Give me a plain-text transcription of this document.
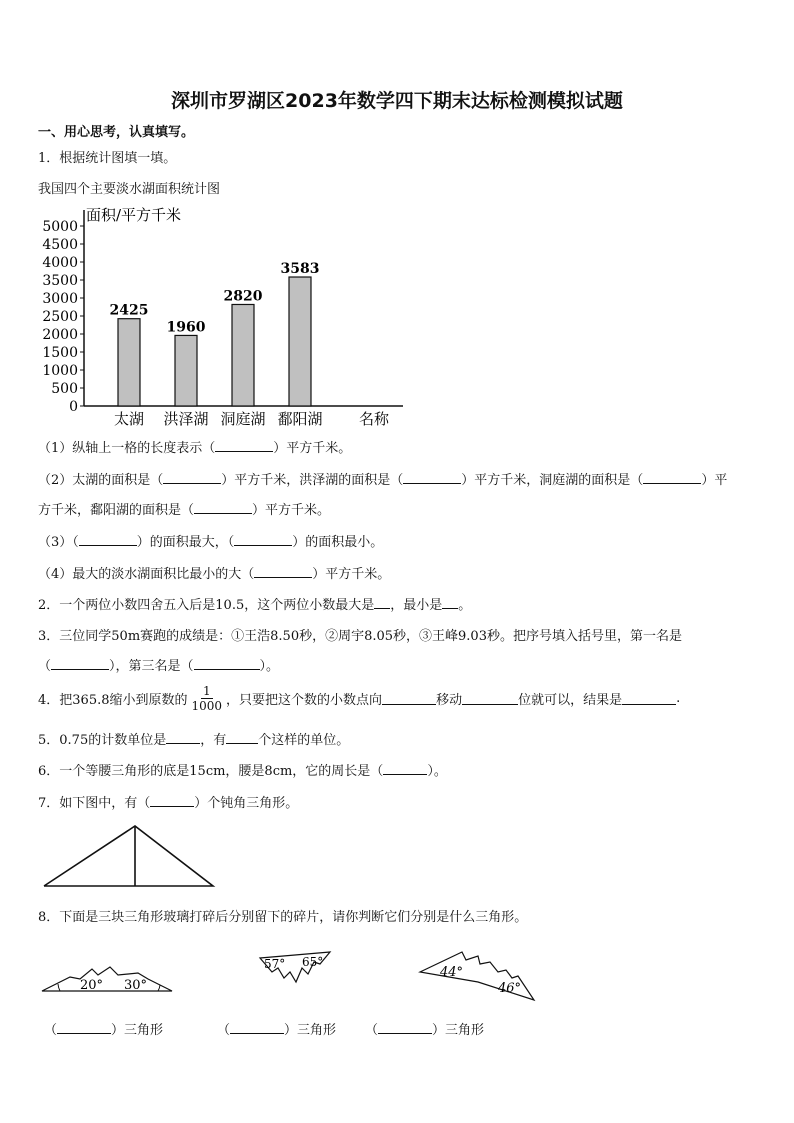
深圳市罗湖区2023年数学四下期末达标检测模拟试题
一、用心思考，认真填写。
1．根据统计图填一填。
我国四个主要淡水湖面积统计图
面积/平方千米
0
500
1000
1500
2000
2500
3000
3500
4000
4500
5000
2425
太湖
1960
洪泽湖
2820
洞庭湖
3583
鄱阳湖 名称
（1）纵轴上一格的长度表示（	）平方千米。
（2）太湖的面积是（	）平方千米，洪泽湖的面积是（	）平方千米，洞庭湖的面积是（	）平
方千米，鄱阳湖的面积是（	）平方千米。
（3）（	）的面积最大，（	）的面积最小。
（4）最大的淡水湖面积比最小的大（	）平方千米。
2．一个两位小数四舍五入后是10.5，这个两位小数最大是 ，最小是 。
3．三位同学50m赛跑的成绩是：①王浩8.50秒，②周宇8.05秒，③王峰9.03秒。把序号填入括号里，第一名是
（	），第三名是（	）。
4．把365.8缩小到原数的 $\frac{1}{1000}$ ，只要把这个数的小数点向	移动	位就可以，结果是	.
5．0.75的计数单位是	，有 个这样的单位。
6．一个等腰三角形的底是15cm，腰是8cm，它的周长是（	）。
7．如下图中，有（	）个钝角三角形。
8．下面是三块三角形玻璃打碎后分别留下的碎片，请你判断它们分别是什么三角形。
20° 30°
57° 65°
44°
46°
（	）三角形	（	）三角形 （	）三角形
